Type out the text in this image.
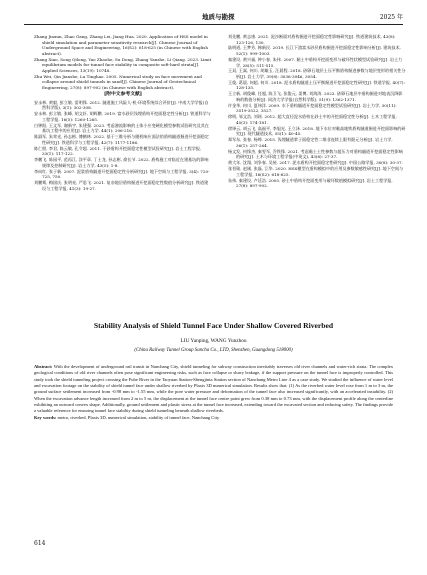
地质与勘探	2025 年

Zhang Jinxun, Zhao Gang, Zhang Lei, Jiang Hua. 2020. Application of HSS model in shield simulation and parameter sensitivity research[J]. Chinese Journal of Underground Space and Engineering, 16(S2): 618-625 (in Chinese with English abstract).

Zhang Xiao, Song Qilong, Yao Zhaohe, Su Dong, Zhang Yanzhe, Li Qiang. 2023. Limit equilibrium models for tunnel face stability in composite soft-hard strata[J]. Applied Sciences, 13(19): 10748.

Zhu Wei, Qin Jianshe, Lu Tinghao. 2005. Numerical study on face movement and collapse around shield tunnels in sand[J]. Chinese Journal of Geotechnical Engineering, 27(8): 897-902 (in Chinese with English abstract).

[附中文参考文献]

安永林, 黄毅, 彭立敏, 雷明锋. 2012. 隧道施工风险人-机-环境系统综合评价[J]. 中南大学学报(自然科学版), 3(1): 302-308.

安永林, 彭立敏, 张峰, 胡文轩, 胡辉鹏. 2019. 富水砂层浅埋盾构开挖面稳定性分析[J]. 铁道科学与工程学报, 16(5): 1260-1265.

白钟阳, 王文军, 谢新宇, 朱建强. 2023. 考虑渗流影响的土体小应变硬化模型参数试验研究及其在基坑工程中的应用[J]. 岩土力学, 44(1): 206-216.

陈淑军, 朱荣光, 孙志彬, 傅鹤林. 2022. 基于三维分析与随机响应面法的盾构隧道掘进开挖面稳定性研究[J]. 铁道科学与工程学报, 42(7): 1177-1186.

陈仁朋, 李君, 陈云敏, 孔令超. 2011. 干砂盾构开挖面稳定性模型试验研究[J]. 岩土工程学报, 33(1): 117-122.

李鹏飞, 陈园平, 范再江, 涂平章, 丁士龙, 孙志彬, 俞长节. 2022. 盾构施工对临近在建基坑的影响规律及控制研究[J]. 岩土力学, 43(5): 1-8.

李向红, 张子新. 2007. 泥浆盾构隧道开挖面稳定性分析研究[J]. 地下空间与工程学报, 3(4): 720-725, 750.

刘鹏骞, 梅国庆, 张明亮, 严思飞. 2021. 复杂地层盾构掘进开挖面稳定性数值分析研究[J]. 铁道建设与工程学报, 41(3): 19-27.

刘先鹏, 黄志康. 2021. 泥沙断面对盾构掘进开挖面稳定性影响研究[J]. 铁道建筑技术, 43(8): 123-126, 130.

陆明道, 王梦芳, 韩新民. 2019. 长江下游富水砂层盾构掘进开挖面稳定性影响分析[J]. 建筑技术, 52(1): 999-1003.

秦建设, 黄兴福, 钟小春, 朱伟. 2007. 黏土中盾构开挖面变形与破坏性状模型试验研究[J]. 岩土力学, 28(5): 511-515.

王双, 王嵩, 何川, 胡雄玉, 汪晨程. 2018. 砂卵石地层土压平衡盾构掘进参数与地层变形的相关性分析[J]. 岩土力学, 39(8): 3036-3046, 3054.

王俊, 葛晨, 何超, 何川. 2018. 泥水盾构隧道土压平衡掘进开挖面稳定性研究[J]. 铁道学报, 40(7): 128-135.

王立新, 胡俊峰, 任超, 陈卫飞, 张俊元, 姜博, 刘海涛. 2023. 砂卵石地层中盾构掘进对地表沉降影响的数值分析[J]. 同济大学学报(自然科学版), 51(9): 1362-1371.

许金华, 何川, 夏炜洋. 2009. 水下盾构隧道开挖面稳定性模型试验研究[J]. 岩土力学, 30(11): 3519-3522, 3527.

徐明, 邹文浩, 刘瑶. 2012. 超大直径泥水盾构在砂土中的开挖面稳定性分析[J]. 土木工程学报, 45(3): 174-181.

徐铎云, 胡云飞, 高福平, 李旭光, 王立泽. 2018. 地下水位对黏高地铁盾构隧道掘进开挖面影响的研究[J]. 现代隧道技术, 55(1): 40-45.

郑军东, 张春, 杨峥. 2015. 浅埋隧道掌子面稳定性二维非连续上限有限元分析[J]. 岩土力学, 36(1): 257-264.

杨文发, 何锋杰, 秦雯军, 乔铁锋. 2021. 考虑黏土土性参数与超压力对盾构隧道开挖面稳定性影响的研究[J]. 土木与环境工程学报(中英文), 43(6): 27-37.

黄大年, 沈翔, 刘争春, 吴统. 2017. 泥水盾构开挖面稳定性研究[J]. 中国公路学报, 30(8): 30-37.

张晋勋, 赵刚, 张磊, 江华. 2020. HSS模型在盾构模拟中的应用及参数敏感性研究[J]. 地下空间与工程学报, 16(S2): 618-625.

朱伟, 秦建设, 卢廷浩. 2005. 砂土中盾构开挖面变形与破坏数值模拟研究[J]. 岩土工程学报, 27(8): 897-902.

Stability Analysis of Shield Tunnel Face Under Shallow Covered Riverbed
LIU Yanping, WANG Yunzhou
(China Railway Tunnel Group Sancha Co., LTD, Shenzhen, Guangdong 518000)

Abstract: With the development of underground rail transit in Nanchang City, shield tunneling for subway construction inevitably traverses old river channels and water-rich strata. The complex geological conditions of old river channels often pose significant engineering risks, such as face collapse or slurry leakage, if the support pressure on the tunnel face is improperly controlled. This study took the shield tunneling project crossing the Fuhe River in the Taoyuan Station-Shengjinta Station section of Nanchang Metro Line 4 as a case study. We studied the influence of water level and excavation footage on the stability of shield tunnel face under shallow riverbed by Plaxis 3D numerical simulation. Results show that: (1) As the riverbed water level rose from 1 m to 3 m, the ground surface settlement increased from -0.98 mm to -1.55 mm, while the pore water pressure and deformation of the tunnel face also increased significantly, with an accelerated instability. (2) When the excavation advance length increased from 2 m to 5 m, the displacement at the tunnel face centre point grew from 0.38 mm to 0.73 mm, with the displacement profile along the centerline exhibiting an outward convex shape. Additionally, ground settlement and plastic stress at the tunnel face increased, extending toward the excavated section and reducing safety. The findings provide a valuable reference for ensuring tunnel face stability during shield tunneling beneath shallow riverbeds.

Key words: metro, riverbed, Plaxis 3D, numerical simulation, stability of tunnel face, Nanchang City

614
